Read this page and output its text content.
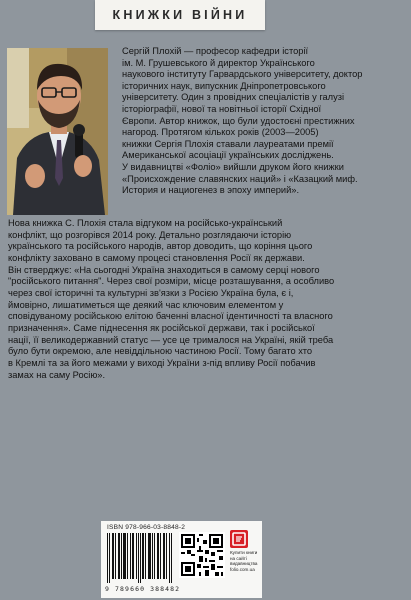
КНИЖКИ ВІЙНИ

Сергій Плохій — професор кафедри історії

ім. М. Грушевського й директор Українського

наукового інституту Гарвардського університету, доктор

історичних наук, випускник Дніпропетровського

університету. Один з провідних спеціалістів у галузі

історіографії, нової та новітньої історії Східної

Європи. Автор книжок, що були удостоєні престижних

нагород. Протягом кількох років (2003—2005)

книжки Сергія Плохія ставали лауреатами премії

Американської асоціації українських досліджень.

У видавництві «Фоліо» вийшли друком його книжки

«Происхождение славянских наций» і «Казацкий миф.

История и нациогенез в эпоху империй».

Нова книжка С. Плохія стала відгуком на російсько-український

конфлікт, що розгорівся 2014 року. Детально розглядаючи історію

українського та російського народів, автор доводить, що коріння цього

конфлікту заховано в самому процесі становлення Росії як держави.

Він стверджує: «На сьогодні Україна знаходиться в самому серці нового

"російського питання". Через свої розміри, місце розташування, а особливо

через свої історичні та культурні зв'язки з Росією Україна була, є і,

ймовірно, лишатиметься ще деякий час ключовим елементом у

сповідуваному російською елітою баченні власної ідентичності та власного

призначення». Саме піднесення як російської держави, так і російської

нації, її великодержавний статус — усе це трималося на Україні, якій треба

було бути окремою, але невіддільною частиною Росії. Тому багато хто

в Кремлі та за його межами у виході України з-під впливу Росії побачив

замах на саму Росію».

ISBN 978-966-03-8848-2
9 789660 388482

Купити книги

на сайті

видавництва

folio.com.ua
